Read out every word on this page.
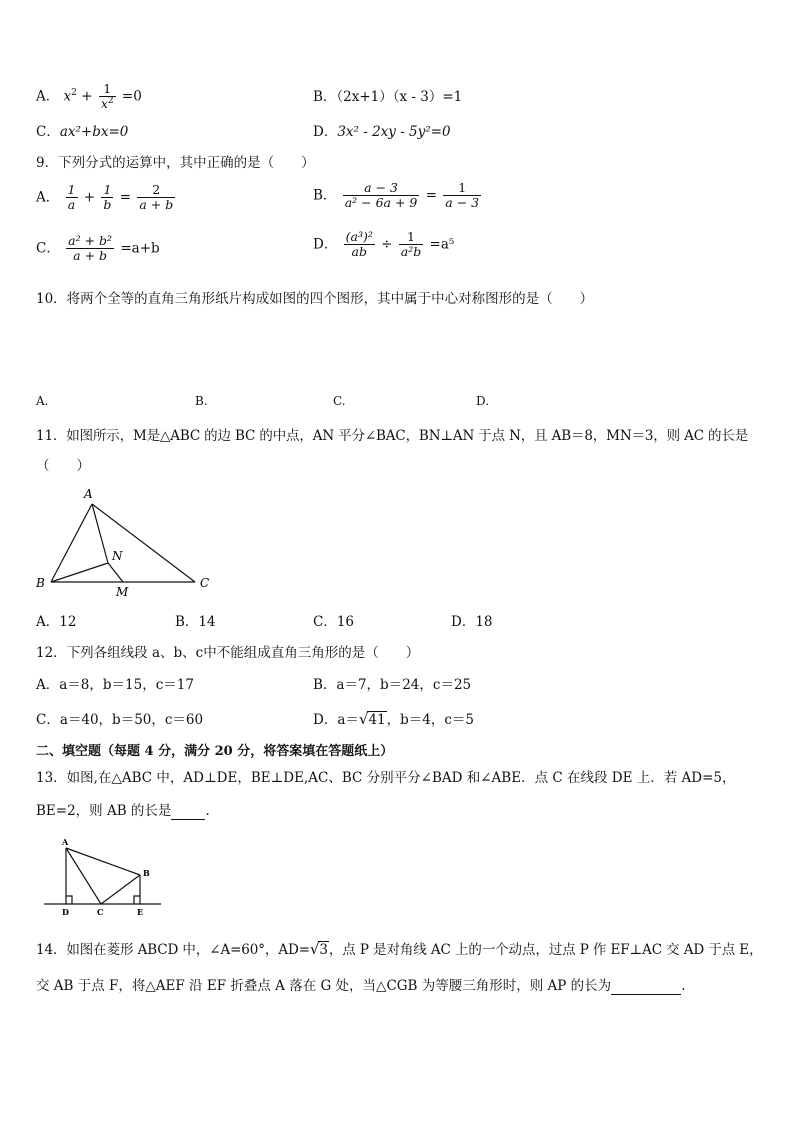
A． $x^2 + \frac{1}{x^2} =0$	B．（2x+1）（x - 3）=1
C．ax²+bx=0	D．3x² - 2xy - 5y²=0
9．下列分式的运算中，其中正确的是（　　）
A． $\frac{1}{a} + \frac{1}{b} = \frac{2}{a + b}$	B． $\frac{a - 3}{\text{a² − 6a + 9}} = \frac{1}{a - 3}$
C． $\frac{\text{a² + b²}}{a + b} =a+b$	D． $\frac{\text{(a³)²}}{ab} \div \frac{1}{\text{a²b}} =a^5$
10．将两个全等的直角三角形纸片构成如图的四个图形，其中属于中心对称图形的是（　　）
A.	B.	C.	D.
11．如图所示，M是△ABC 的边 BC 的中点，AN 平分∠BAC，BN⊥AN 于点 N，且 AB＝8，MN＝3，则 AC 的长是
（　　）
A
B	C
N
M
A．12	B．14	C．16	D．18
12．下列各组线段 a、b、c中不能组成直角三角形的是（　　）
A．a＝8，b＝15，c＝17	B．a＝7，b＝24，c＝25
C．a＝40，b＝50，c＝60	D．a＝√41，b＝4，c＝5
二、填空题（每题 4 分，满分 20 分，将答案填在答题纸上）
13．如图,在△ABC 中，AD⊥DE，BE⊥DE,AC、BC 分别平分∠BAD 和∠ABE．点 C 在线段 DE 上．若 AD=5，
BE=2，则 AB 的长是	．
A
B
C
D	E
14．如图在菱形 ABCD 中，∠A=60°，AD=√3，点 P 是对角线 AC 上的一个动点，过点 P 作 EF⊥AC 交 AD 于点 E，
交 AB 于点 F，将△AEF 沿 EF 折叠点 A 落在 G 处，当△CGB 为等腰三角形时，则 AP 的长为	.
